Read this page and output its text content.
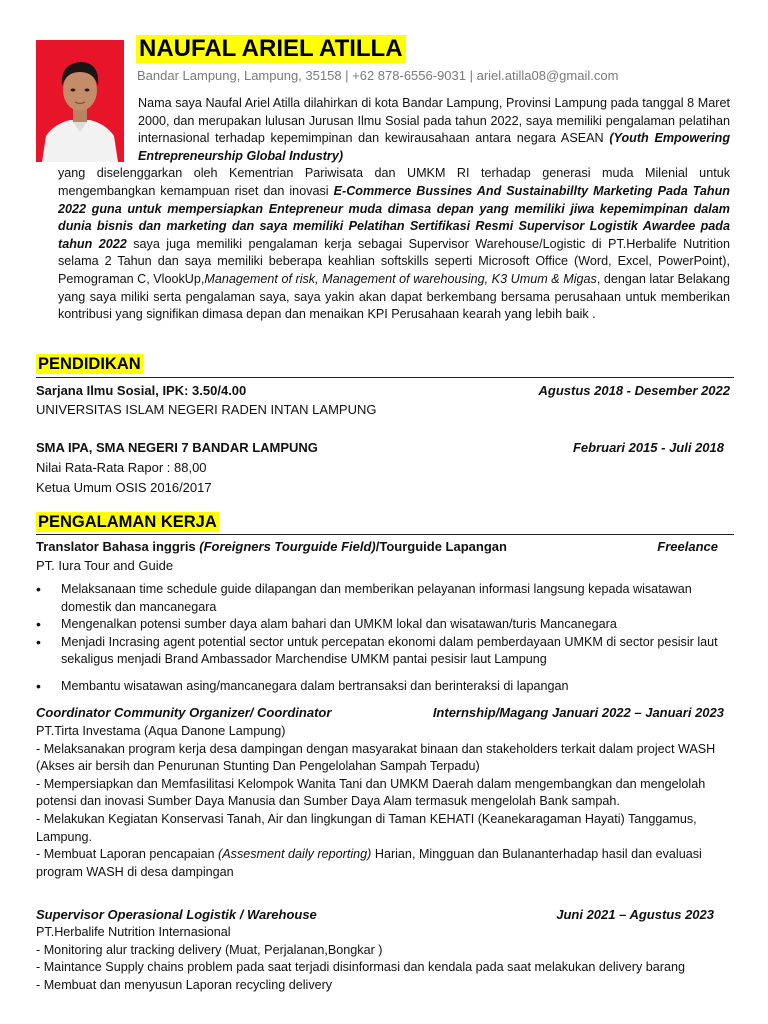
NAUFAL ARIEL ATILLA
Bandar Lampung, Lampung, 35158 | +62 878-6556-9031 | ariel.atilla08@gmail.com
Nama saya Naufal Ariel Atilla dilahirkan di kota Bandar Lampung, Provinsi Lampung pada tanggal 8 Maret 2000, dan merupakan lulusan Jurusan Ilmu Sosial pada tahun 2022, saya memiliki pengalaman pelatihan internasional terhadap kepemimpinan dan kewirausahaan antara negara ASEAN (Youth Empowering Entrepreneurship Global Industry)
yang diselenggarkan oleh Kementrian Pariwisata dan UMKM RI terhadap generasi muda Milenial untuk mengembangkan kemampuan riset dan inovasi E-Commerce Bussines And Sustainabillty Marketing Pada Tahun 2022 guna untuk mempersiapkan Entepreneur muda dimasa depan yang memiliki jiwa kepemimpinan dalam dunia bisnis dan marketing dan saya memiliki Pelatihan Sertifikasi Resmi Supervisor Logistik Awardee pada tahun 2022 saya juga memiliki pengalaman kerja sebagai Supervisor Warehouse/Logistic di PT.Herbalife Nutrition selama 2 Tahun dan saya memiliki beberapa keahlian softskills seperti Microsoft Office (Word, Excel, PowerPoint), Pemograman C, VlookUp,Management of risk, Management of warehousing, K3 Umum & Migas, dengan latar Belakang yang saya miliki serta pengalaman saya, saya yakin akan dapat berkembang bersama perusahaan untuk memberikan kontribusi yang signifikan dimasa depan dan menaikan KPI Perusahaan kearah yang lebih baik .
PENDIDIKAN
Sarjana Ilmu Sosial, IPK: 3.50/4.00	Agustus 2018 - Desember 2022
UNIVERSITAS ISLAM NEGERI RADEN INTAN LAMPUNG
SMA IPA, SMA NEGERI 7 BANDAR LAMPUNG	Februari 2015 - Juli 2018
Nilai Rata-Rata Rapor : 88,00
Ketua Umum OSIS 2016/2017
PENGALAMAN KERJA
Translator Bahasa inggris (Foreigners Tourguide Field)/Tourguide Lapangan	Freelance
PT. Iura Tour and Guide
• Melaksanaan time schedule guide dilapangan dan memberikan pelayanan informasi langsung kepada wisatawan domestik dan mancanegara
• Mengenalkan potensi sumber daya alam bahari dan UMKM lokal dan wisatawan/turis Mancanegara
• Menjadi Incrasing agent potential sector untuk percepatan ekonomi dalam pemberdayaan UMKM di sector pesisir laut sekaligus menjadi Brand Ambassador Marchendise UMKM pantai pesisir laut Lampung
• Membantu wisatawan asing/mancanegara dalam bertransaksi dan berinteraksi di lapangan
Coordinator Community Organizer/ Coordinator	Internship/Magang Januari 2022 – Januari 2023
PT.Tirta Investama (Aqua Danone Lampung)
- Melaksanakan program kerja desa dampingan dengan masyarakat binaan dan stakeholders terkait dalam project WASH (Akses air bersih dan Penurunan Stunting Dan Pengelolahan Sampah Terpadu)
- Mempersiapkan dan Memfasilitasi Kelompok Wanita Tani dan UMKM Daerah dalam mengembangkan dan mengelolah potensi dan inovasi Sumber Daya Manusia dan Sumber Daya Alam termasuk mengelolah Bank sampah.
- Melakukan Kegiatan Konservasi Tanah, Air dan lingkungan di Taman KEHATI (Keanekaragaman Hayati) Tanggamus, Lampung.
- Membuat Laporan pencapaian (Assesment daily reporting) Harian, Mingguan dan Bulananterhadap hasil dan evaluasi program WASH di desa dampingan
Supervisor Operasional Logistik / Warehouse	Juni 2021 – Agustus 2023
PT.Herbalife Nutrition Internasional
- Monitoring alur tracking delivery (Muat, Perjalanan,Bongkar )
- Maintance Supply chains problem pada saat terjadi disinformasi dan kendala pada saat melakukan delivery barang
- Membuat dan menyusun Laporan recycling delivery
